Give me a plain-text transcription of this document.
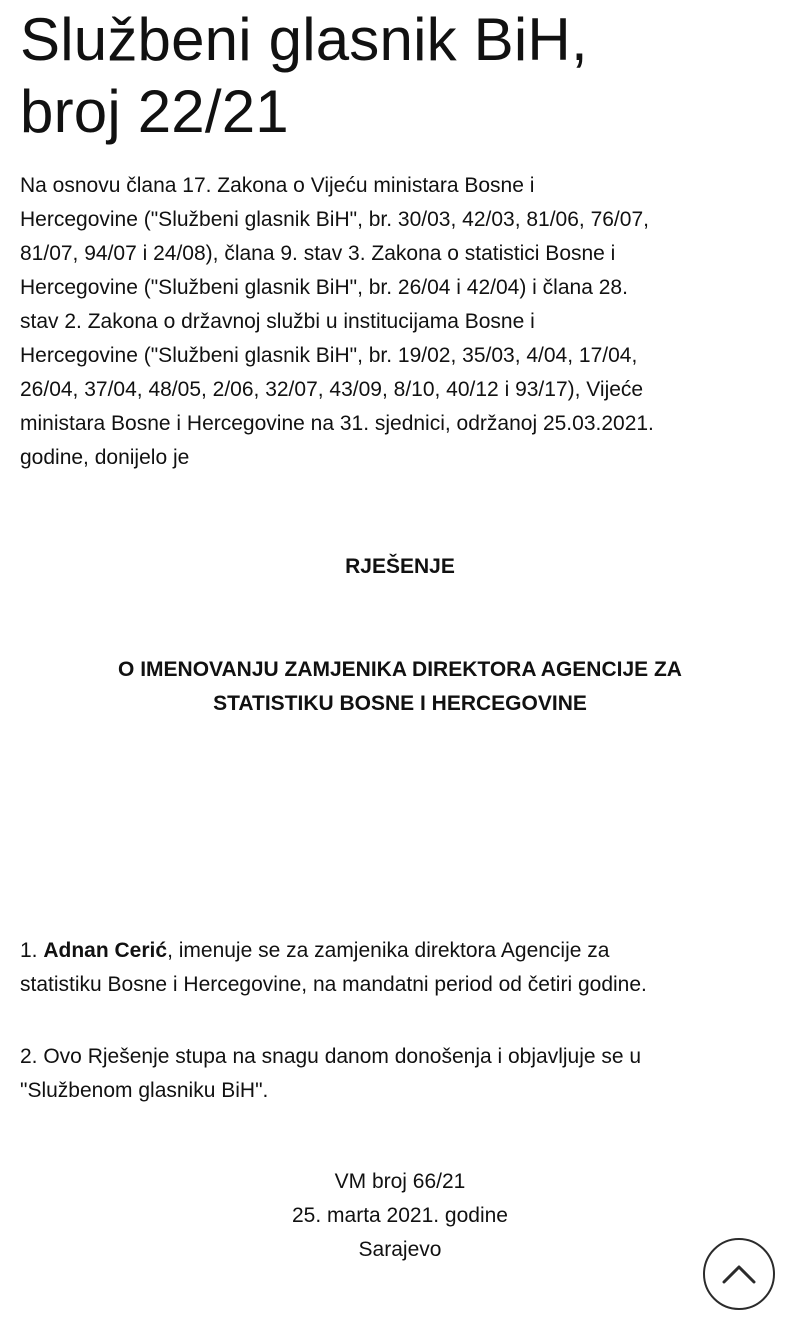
Službeni glasnik BiH,
broj 22/21

Na osnovu člana 17. Zakona o Vijeću ministara Bosne i
Hercegovine ("Službeni glasnik BiH", br. 30/03, 42/03, 81/06, 76/07,
81/07, 94/07 i 24/08), člana 9. stav 3. Zakona o statistici Bosne i
Hercegovine ("Službeni glasnik BiH", br. 26/04 i 42/04) i člana 28.
stav 2. Zakona o državnoj službi u institucijama Bosne i
Hercegovine ("Službeni glasnik BiH", br. 19/02, 35/03, 4/04, 17/04,
26/04, 37/04, 48/05, 2/06, 32/07, 43/09, 8/10, 40/12 i 93/17), Vijeće
ministara Bosne i Hercegovine na 31. sjednici, održanoj 25.03.2021.
godine, donijelo je

RJEŠENJE

O IMENOVANJU ZAMJENIKA DIREKTORA AGENCIJE ZA
STATISTIKU BOSNE I HERCEGOVINE

1. Adnan Cerić, imenuje se za zamjenika direktora Agencije za
statistiku Bosne i Hercegovine, na mandatni period od četiri godine.

2. Ovo Rješenje stupa na snagu danom donošenja i objavljuje se u
"Službenom glasniku BiH".

VM broj 66/21
25. marta 2021. godine
Sarajevo
